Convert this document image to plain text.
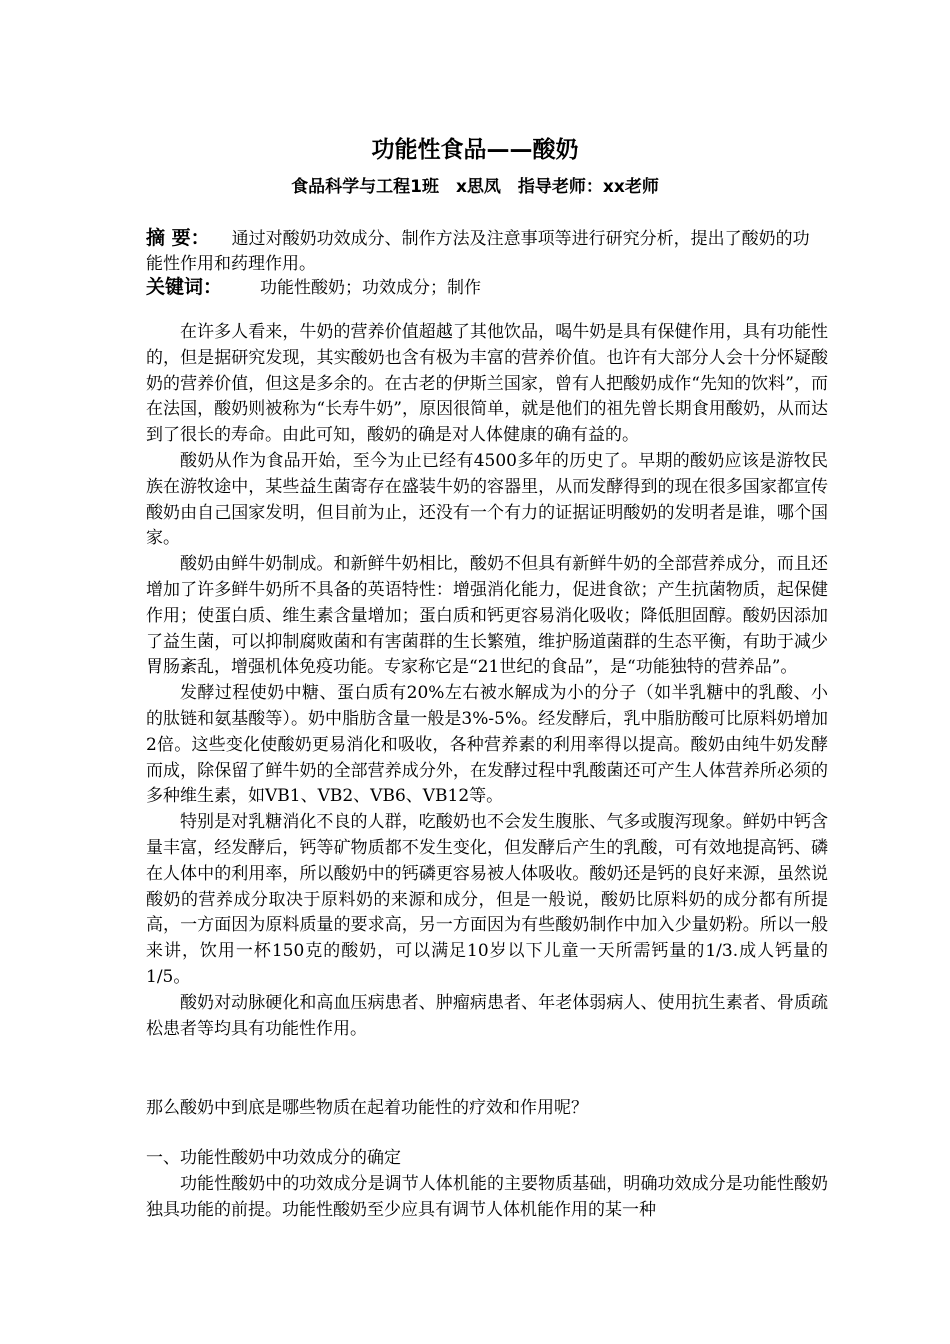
功能性食品——酸奶
食品科学与工程1班　x思凤　指导老师：xx老师
摘 要： 通过对酸奶功效成分、制作方法及注意事项等进行研究分析，提出了酸奶的功能性作用和药理作用。
关键词： 功能性酸奶；功效成分；制作

在许多人看来，牛奶的营养价值超越了其他饮品，喝牛奶是具有保健作用，具有功能性的，但是据研究发现，其实酸奶也含有极为丰富的营养价值。也许有大部分人会十分怀疑酸奶的营养价值，但这是多余的。在古老的伊斯兰国家，曾有人把酸奶成作“先知的饮料”，而在法国，酸奶则被称为“长寿牛奶”，原因很简单，就是他们的祖先曾长期食用酸奶，从而达到了很长的寿命。由此可知，酸奶的确是对人体健康的确有益的。

酸奶从作为食品开始，至今为止已经有4500多年的历史了。早期的酸奶应该是游牧民族在游牧途中，某些益生菌寄存在盛装牛奶的容器里，从而发酵得到的现在很多国家都宣传酸奶由自己国家发明，但目前为止，还没有一个有力的证据证明酸奶的发明者是谁，哪个国家。

酸奶由鲜牛奶制成。和新鲜牛奶相比，酸奶不但具有新鲜牛奶的全部营养成分，而且还增加了许多鲜牛奶所不具备的英语特性：增强消化能力，促进食欲；产生抗菌物质，起保健作用；使蛋白质、维生素含量增加；蛋白质和钙更容易消化吸收；降低胆固醇。酸奶因添加了益生菌，可以抑制腐败菌和有害菌群的生长繁殖，维护肠道菌群的生态平衡，有助于减少胃肠紊乱，增强机体免疫功能。专家称它是“21世纪的食品”，是“功能独特的营养品”。

发酵过程使奶中糖、蛋白质有20%左右被水解成为小的分子（如半乳糖中的乳酸、小的肽链和氨基酸等）。奶中脂肪含量一般是3%-5%。经发酵后，乳中脂肪酸可比原料奶增加2倍。这些变化使酸奶更易消化和吸收，各种营养素的利用率得以提高。酸奶由纯牛奶发酵而成，除保留了鲜牛奶的全部营养成分外，在发酵过程中乳酸菌还可产生人体营养所必须的多种维生素，如VB1、VB2、VB6、VB12等。

特别是对乳糖消化不良的人群，吃酸奶也不会发生腹胀、气多或腹泻现象。鲜奶中钙含量丰富，经发酵后，钙等矿物质都不发生变化，但发酵后产生的乳酸，可有效地提高钙、磷在人体中的利用率，所以酸奶中的钙磷更容易被人体吸收。酸奶还是钙的良好来源，虽然说酸奶的营养成分取决于原料奶的来源和成分，但是一般说，酸奶比原料奶的成分都有所提高，一方面因为原料质量的要求高，另一方面因为有些酸奶制作中加入少量奶粉。所以一般来讲，饮用一杯150克的酸奶，可以满足10岁以下儿童一天所需钙量的1/3.成人钙量的1/5。

酸奶对动脉硬化和高血压病患者、肿瘤病患者、年老体弱病人、使用抗生素者、骨质疏松患者等均具有功能性作用。

那么酸奶中到底是哪些物质在起着功能性的疗效和作用呢？
一、功能性酸奶中功效成分的确定

功能性酸奶中的功效成分是调节人体机能的主要物质基础，明确功效成分是功能性酸奶独具功能的前提。功能性酸奶至少应具有调节人体机能作用的某一种
